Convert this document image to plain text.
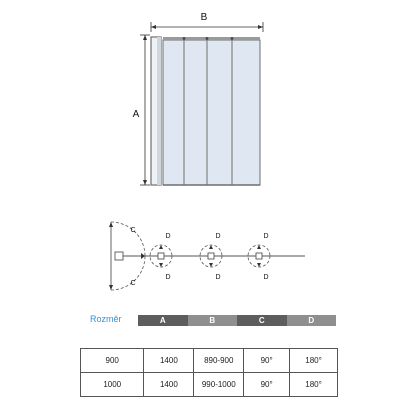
B
A
C
C
D
D
D
D
D
D
Rozměr	A	B	C	D
900	1400	890-900	90°	180°
1000	1400	990-1000	90°	180°
